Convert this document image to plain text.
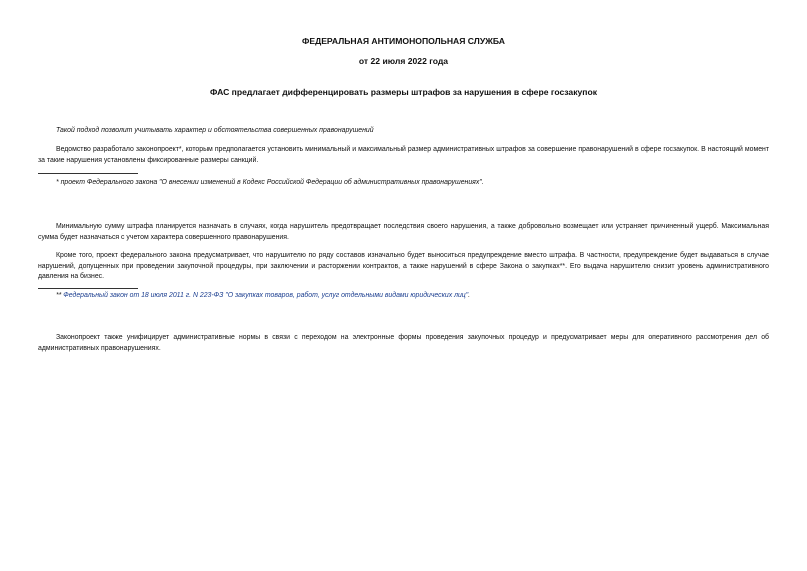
ФЕДЕРАЛЬНАЯ АНТИМОНОПОЛЬНАЯ СЛУЖБА
от 22 июля 2022 года
ФАС предлагает дифференцировать размеры штрафов за нарушения в сфере госзакупок

Такой подход позволит учитывать характер и обстоятельства совершенных правонарушений

Ведомство разработало законопроект*, которым предполагается установить минимальный и максимальный размер административных штрафов за совершение правонарушений в сфере госзакупок. В настоящий момент за такие нарушения установлены фиксированные размеры санкций.

* проект Федерального закона "О внесении изменений в Кодекс Российской Федерации об административных правонарушениях".

Минимальную сумму штрафа планируется назначать в случаях, когда нарушитель предотвращает последствия своего нарушения, а также добровольно возмещает или устраняет причиненный ущерб. Максимальная сумма будет назначаться с учетом характера совершенного правонарушения.

Кроме того, проект федерального закона предусматривает, что нарушителю по ряду составов изначально будет выноситься предупреждение вместо штрафа. В частности, предупреждение будет выдаваться в случае нарушений, допущенных при проведении закупочной процедуры, при заключении и расторжении контрактов, а также нарушений в сфере Закона о закупках**. Его выдача нарушителю снизит уровень административного давления на бизнес.

** Федеральный закон от 18 июля 2011 г. N 223-ФЗ "О закупках товаров, работ, услуг отдельными видами юридических лиц".

Законопроект также унифицирует административные нормы в связи с переходом на электронные формы проведения закупочных процедур и предусматривает меры для оперативного рассмотрения дел об административных правонарушениях.
